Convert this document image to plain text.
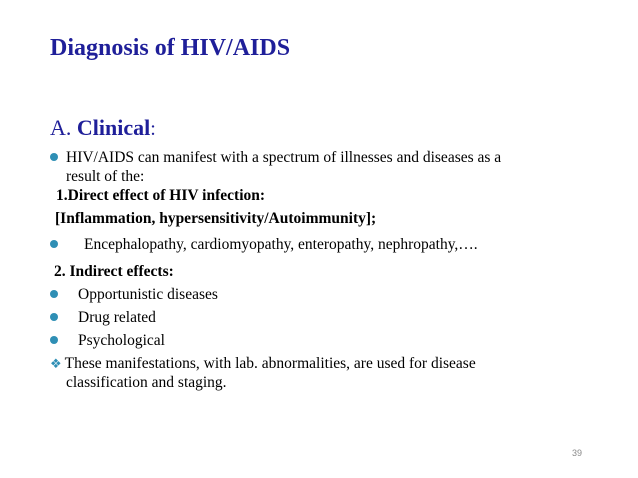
Diagnosis of HIV/AIDS
A. Clinical:
HIV/AIDS can manifest with a spectrum of illnesses and diseases as a
result of the:
1.Direct effect of HIV infection:
[Inflammation, hypersensitivity/Autoimmunity];
Encephalopathy, cardiomyopathy, enteropathy, nephropathy,….
2. Indirect effects:
Opportunistic diseases
Drug related
Psychological
❖ These manifestations, with lab. abnormalities, are used for disease
classification and staging.
39
